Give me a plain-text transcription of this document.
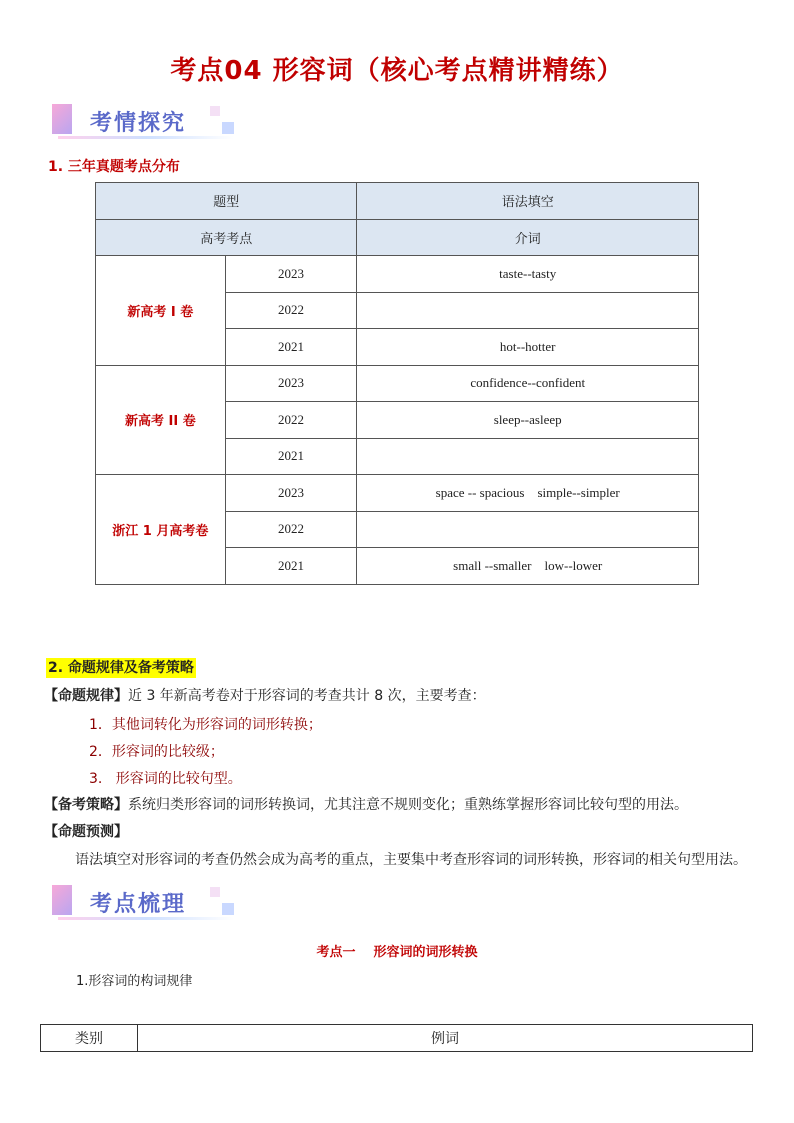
考点04 形容词（核心考点精讲精练）
考情探究
1. 三年真题考点分布
题型		语法填空
高考考点		介词
新高考 I 卷	2023	taste--tasty
	2022	
	2021	hot--hotter
新高考 II 卷	2023	confidence--confident
	2022	sleep--asleep
	2021	
浙江 1 月高考卷	2023	space -- spacious    simple--simpler
	2022	
	2021	small --smaller    low--lower
2. 命题规律及备考策略
【命题规律】近 3 年新高考卷对于形容词的考查共计 8 次，主要考查：
1．其他词转化为形容词的词形转换；
2．形容词的比较级；
3.   形容词的比较句型。
【备考策略】系统归类形容词的词形转换词，尤其注意不规则变化；重熟练掌握形容词比较句型的用法。
【命题预测】
语法填空对形容词的考查仍然会成为高考的重点，主要集中考查形容词的词形转换，形容词的相关句型用法。
考点梳理
考点一    形容词的词形转换
1.形容词的构词规律
类别	例词
